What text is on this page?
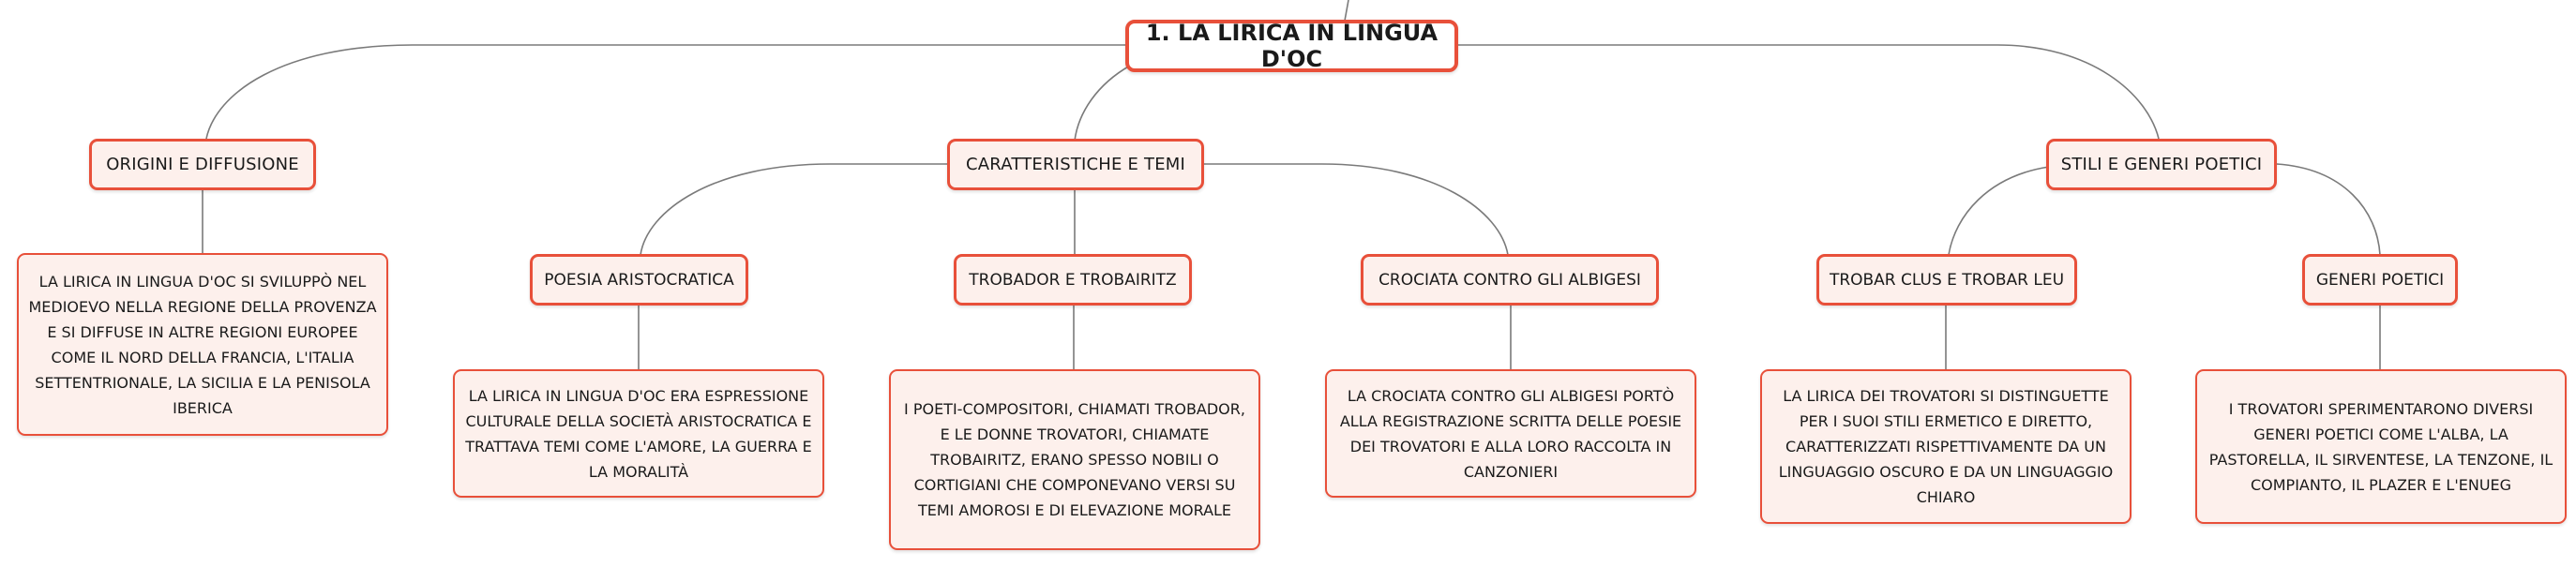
1. LA LIRICA IN LINGUA D'OC
ORIGINI E DIFFUSIONE	CARATTERISTICHE E TEMI	STILI E GENERI POETICI
POESIA ARISTOCRATICA	TROBADOR E TROBAIRITZ	CROCIATA CONTRO GLI ALBIGESI	TROBAR CLUS E TROBAR LEU	GENERI POETICI
LA LIRICA IN LINGUA D'OC SI SVILUPPÒ NEL MEDIOEVO NELLA REGIONE DELLA PROVENZA E SI DIFFUSE IN ALTRE REGIONI EUROPEE COME IL NORD DELLA FRANCIA, L'ITALIA SETTENTRIONALE, LA SICILIA E LA PENISOLA IBERICA
LA LIRICA IN LINGUA D'OC ERA ESPRESSIONE CULTURALE DELLA SOCIETÀ ARISTOCRATICA E TRATTAVA TEMI COME L'AMORE, LA GUERRA E LA MORALITÀ
I POETI-COMPOSITORI, CHIAMATI TROBADOR, E LE DONNE TROVATORI, CHIAMATE TROBAIRITZ, ERANO SPESSO NOBILI O CORTIGIANI CHE COMPONEVANO VERSI SU TEMI AMOROSI E DI ELEVAZIONE MORALE
LA CROCIATA CONTRO GLI ALBIGESI PORTÒ ALLA REGISTRAZIONE SCRITTA DELLE POESIE DEI TROVATORI E ALLA LORO RACCOLTA IN CANZONIERI
LA LIRICA DEI TROVATORI SI DISTINGUETTE PER I SUOI STILI ERMETICO E DIRETTO, CARATTERIZZATI RISPETTIVAMENTE DA UN LINGUAGGIO OSCURO E DA UN LINGUAGGIO CHIARO
I TROVATORI SPERIMENTARONO DIVERSI GENERI POETICI COME L'ALBA, LA PASTORELLA, IL SIRVENTESE, LA TENZONE, IL COMPIANTO, IL PLAZER E L'ENUEG
